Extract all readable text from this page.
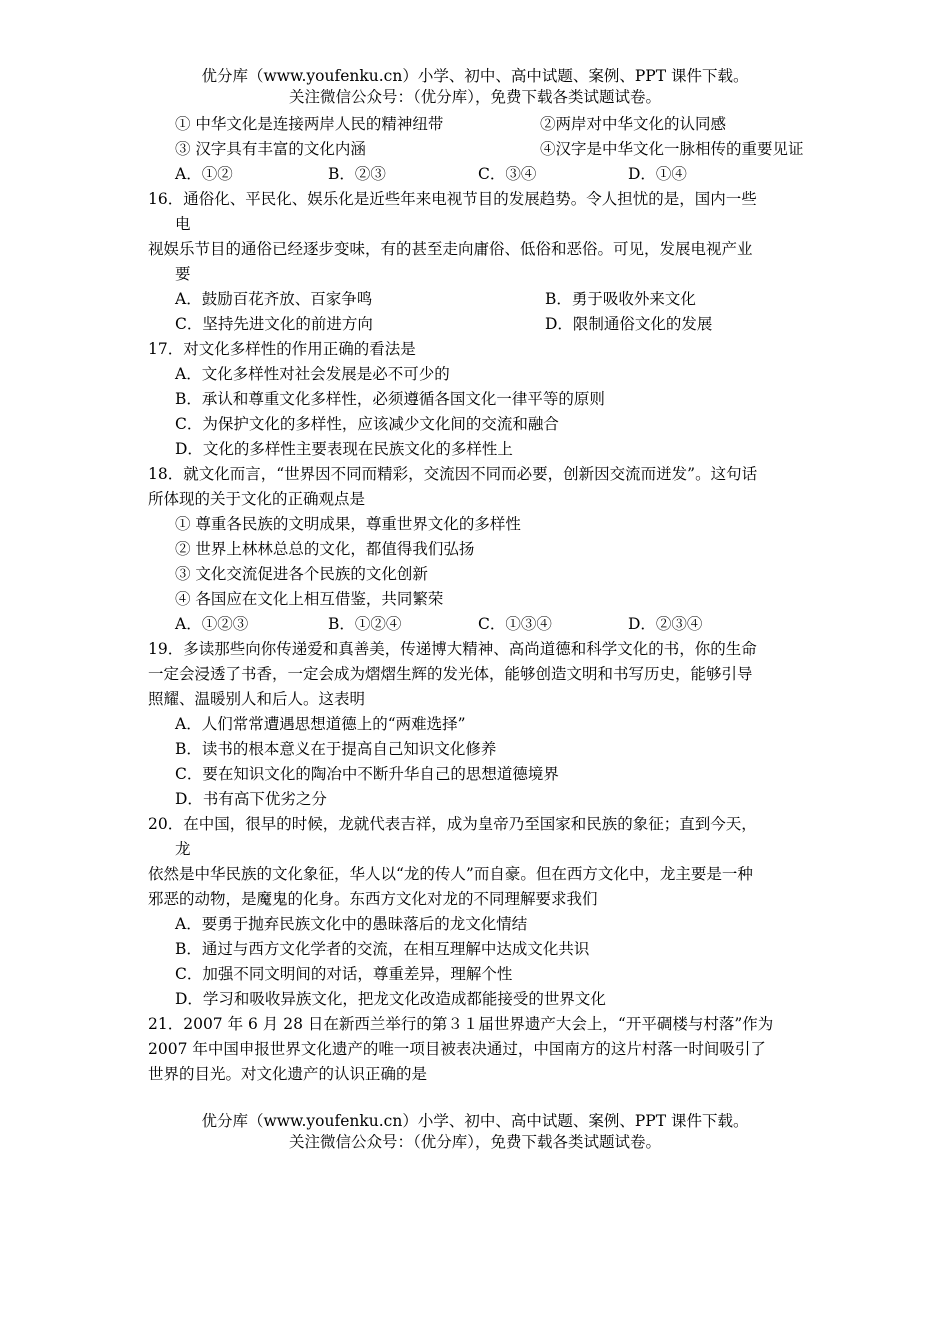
优分库（www.youfenku.cn）小学、初中、高中试题、案例、PPT 课件下载。
关注微信公众号：（优分库），免费下载各类试题试卷。
① 中华文化是连接两岸人民的精神纽带	②两岸对中华文化的认同感
③ 汉字具有丰富的文化内涵	④汉字是中华文化一脉相传的重要见证
A．①②	B．②③	C．③④	D．①④
16．通俗化、平民化、娱乐化是近些年来电视节目的发展趋势。令人担忧的是，国内一些
电
视娱乐节目的通俗已经逐步变味，有的甚至走向庸俗、低俗和恶俗。可见，发展电视产业
要
A．鼓励百花齐放、百家争鸣	B．勇于吸收外来文化
C．坚持先进文化的前进方向	D．限制通俗文化的发展
17．对文化多样性的作用正确的看法是
A．文化多样性对社会发展是必不可少的
B．承认和尊重文化多样性，必须遵循各国文化一律平等的原则
C．为保护文化的多样性，应该减少文化间的交流和融合
D．文化的多样性主要表现在民族文化的多样性上
18．就文化而言，“世界因不同而精彩，交流因不同而必要，创新因交流而迸发”。这句话
所体现的关于文化的正确观点是
① 尊重各民族的文明成果，尊重世界文化的多样性
② 世界上林林总总的文化，都值得我们弘扬
③ 文化交流促进各个民族的文化创新
④ 各国应在文化上相互借鉴，共同繁荣
A．①②③	B．①②④	C．①③④	D．②③④
19．多读那些向你传递爱和真善美，传递博大精神、高尚道德和科学文化的书，你的生命
一定会浸透了书香，一定会成为熠熠生辉的发光体，能够创造文明和书写历史，能够引导
照耀、温暖别人和后人。这表明
A．人们常常遭遇思想道德上的“两难选择”
B．读书的根本意义在于提高自己知识文化修养
C．要在知识文化的陶冶中不断升华自己的思想道德境界
D．书有高下优劣之分
20．在中国，很早的时候，龙就代表吉祥，成为皇帝乃至国家和民族的象征；直到今天，
龙
依然是中华民族的文化象征，华人以“龙的传人”而自豪。但在西方文化中，龙主要是一种
邪恶的动物，是魔鬼的化身。东西方文化对龙的不同理解要求我们
A．要勇于抛弃民族文化中的愚昧落后的龙文化情结
B．通过与西方文化学者的交流，在相互理解中达成文化共识
C．加强不同文明间的对话，尊重差异，理解个性
D．学习和吸收异族文化，把龙文化改造成都能接受的世界文化
21．2007 年 6 月 28 日在新西兰举行的第３１届世界遗产大会上，“开平碉楼与村落”作为
2007 年中国申报世界文化遗产的唯一项目被表决通过，中国南方的这片村落一时间吸引了
世界的目光。对文化遗产的认识正确的是
优分库（www.youfenku.cn）小学、初中、高中试题、案例、PPT 课件下载。
关注微信公众号：（优分库），免费下载各类试题试卷。
